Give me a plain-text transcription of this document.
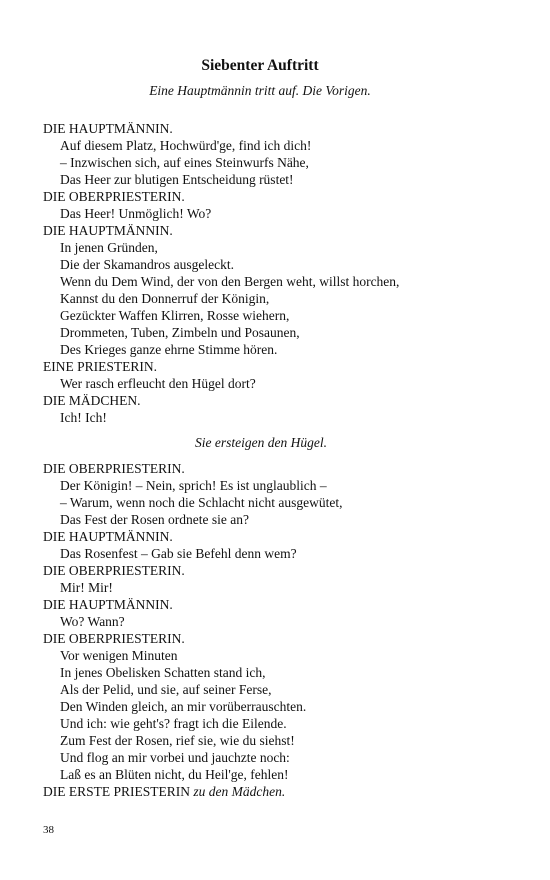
Siebenter Auftritt
Eine Hauptmännin tritt auf. Die Vorigen.
DIE HAUPTMÄNNIN.
Auf diesem Platz, Hochwürd'ge, find ich dich!
– Inzwischen sich, auf eines Steinwurfs Nähe,
Das Heer zur blutigen Entscheidung rüstet!
DIE OBERPRIESTERIN.
Das Heer! Unmöglich! Wo?
DIE HAUPTMÄNNIN.
In jenen Gründen,
Die der Skamandros ausgeleckt.
Wenn du Dem Wind, der von den Bergen weht, willst horchen,
Kannst du den Donnerruf der Königin,
Gezückter Waffen Klirren, Rosse wiehern,
Drommeten, Tuben, Zimbeln und Posaunen,
Des Krieges ganze ehrne Stimme hören.
EINE PRIESTERIN.
Wer rasch erfleucht den Hügel dort?
DIE MÄDCHEN.
Ich! Ich!
Sie ersteigen den Hügel.
DIE OBERPRIESTERIN.
Der Königin! – Nein, sprich! Es ist unglaublich –
– Warum, wenn noch die Schlacht nicht ausgewütet,
Das Fest der Rosen ordnete sie an?
DIE HAUPTMÄNNIN.
Das Rosenfest – Gab sie Befehl denn wem?
DIE OBERPRIESTERIN.
Mir! Mir!
DIE HAUPTMÄNNIN.
Wo? Wann?
DIE OBERPRIESTERIN.
Vor wenigen Minuten
In jenes Obelisken Schatten stand ich,
Als der Pelid, und sie, auf seiner Ferse,
Den Winden gleich, an mir vorüberrauschten.
Und ich: wie geht's? fragt ich die Eilende.
Zum Fest der Rosen, rief sie, wie du siehst!
Und flog an mir vorbei und jauchzte noch:
Laß es an Blüten nicht, du Heil'ge, fehlen!
DIE ERSTE PRIESTERIN zu den Mädchen.
38
